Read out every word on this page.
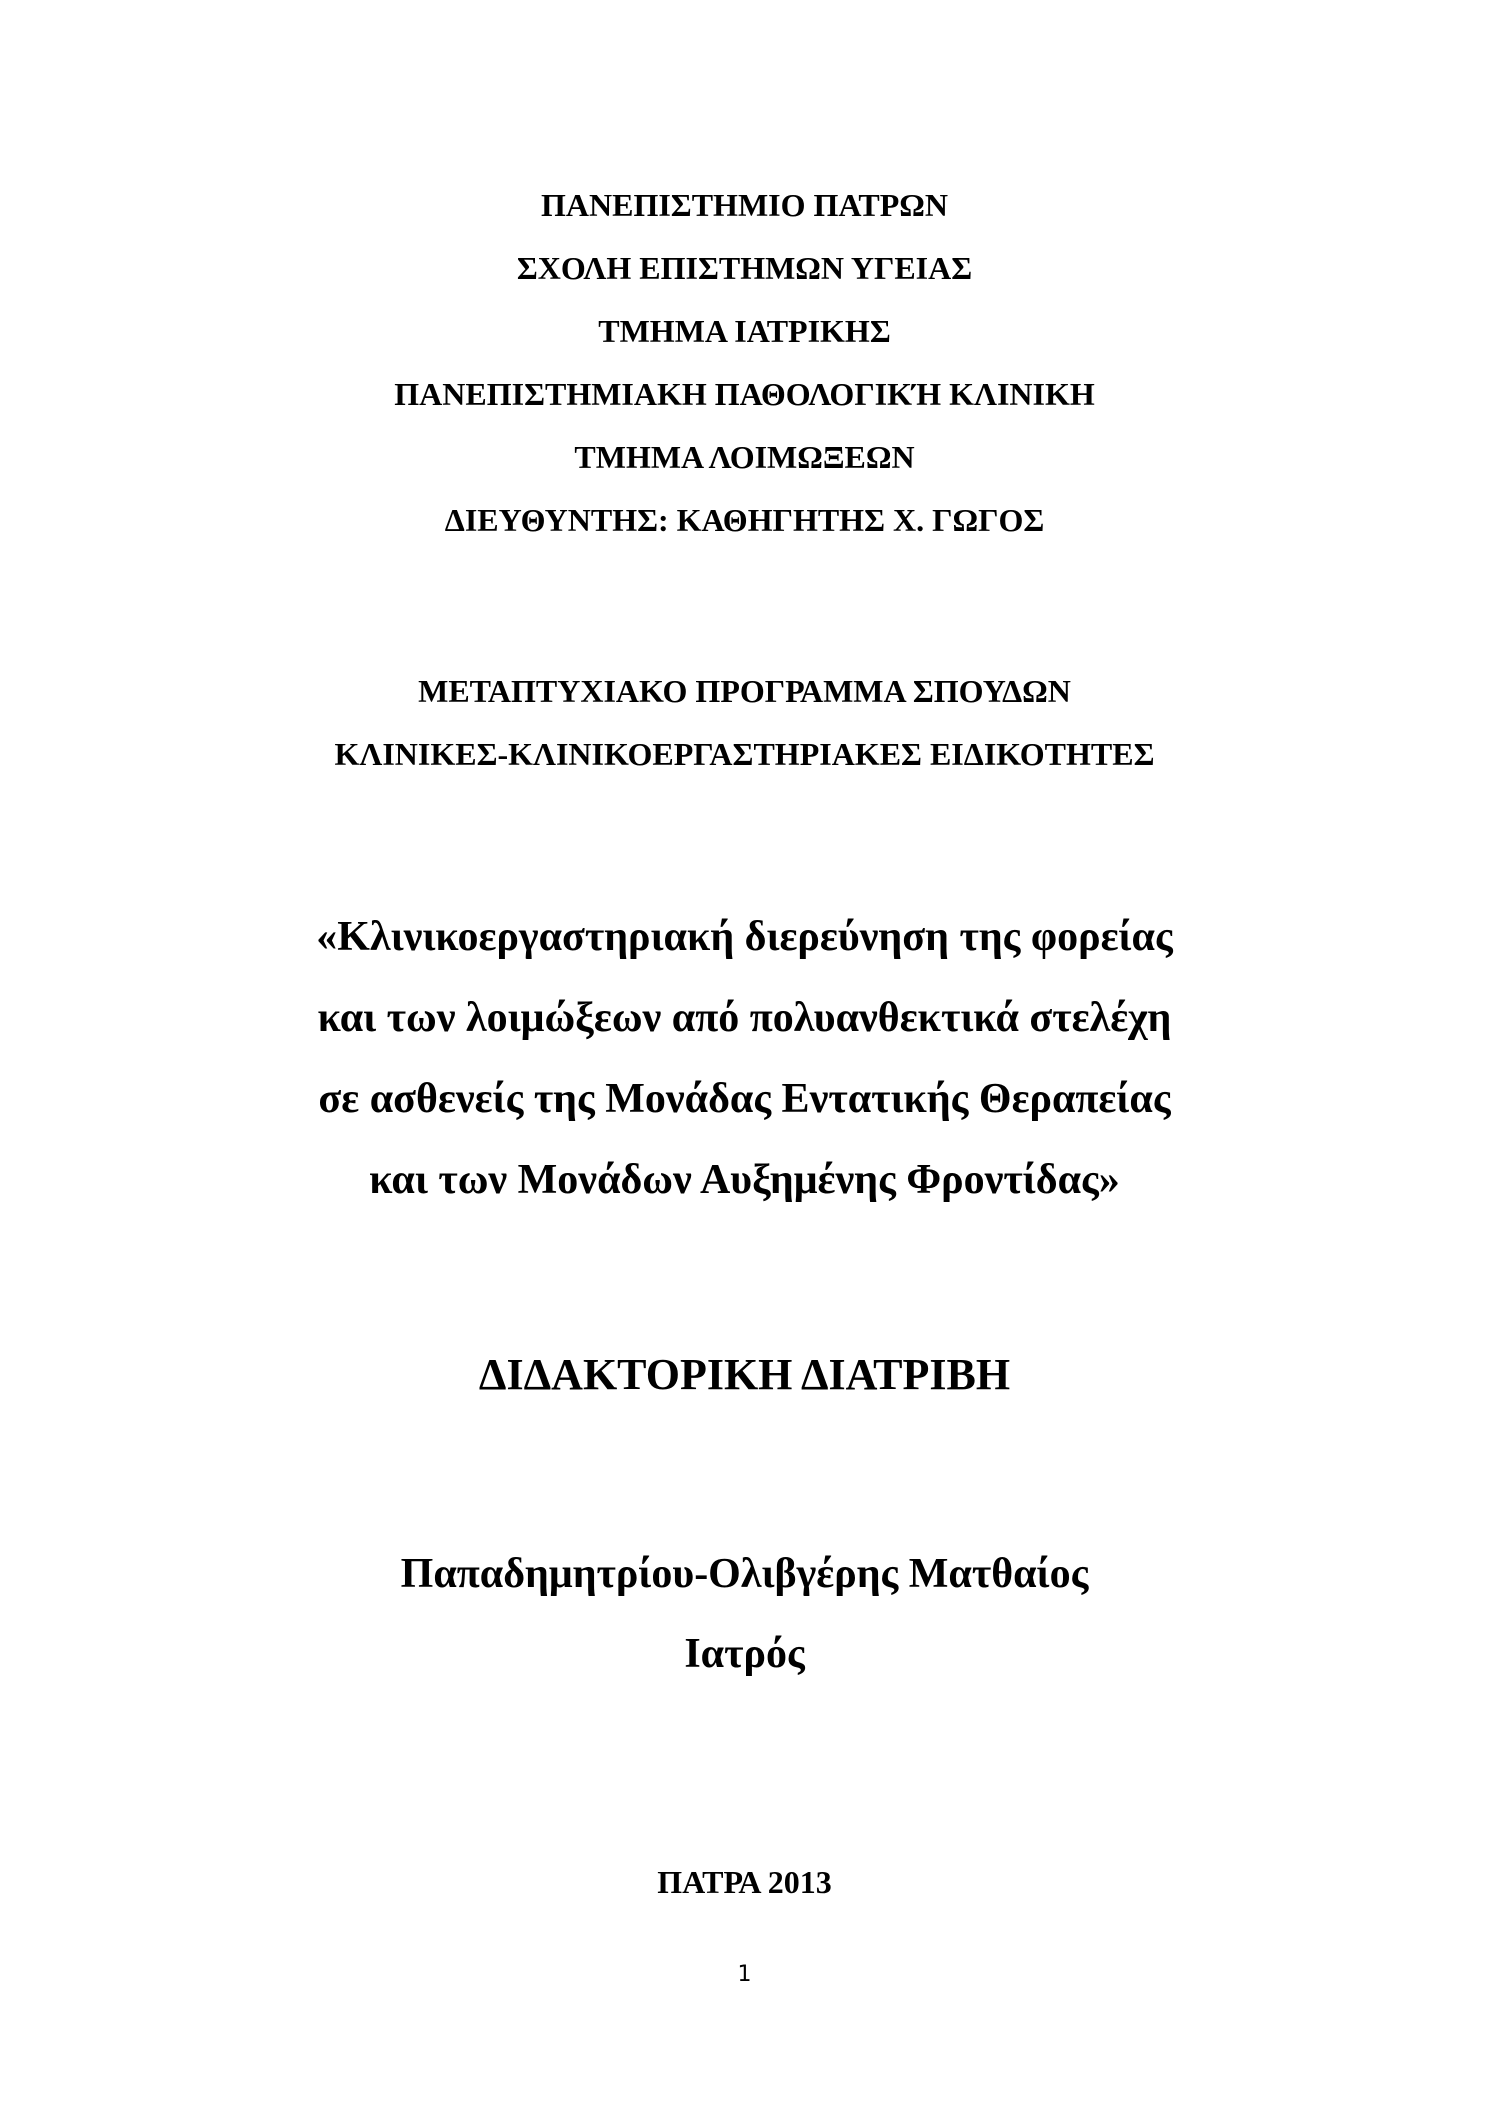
ΠΑΝΕΠΙΣΤΗΜΙΟ ΠΑΤΡΩΝ
ΣΧΟΛΗ ΕΠΙΣΤΗΜΩΝ ΥΓΕΙΑΣ
ΤΜΗΜΑ ΙΑΤΡΙΚΗΣ
ΠΑΝΕΠΙΣΤΗΜΙΑΚΗ ΠΑΘΟΛΟΓΙΚΉ ΚΛΙΝΙΚΗ
ΤΜΗΜΑ ΛΟΙΜΩΞΕΩΝ
ΔΙΕΥΘΥΝΤΗΣ: ΚΑΘΗΓΗΤΗΣ Χ. ΓΩΓΟΣ
ΜΕΤΑΠΤΥΧΙΑΚΟ ΠΡΟΓΡΑΜΜΑ ΣΠΟΥΔΩΝ
ΚΛΙΝΙΚΕΣ-ΚΛΙΝΙΚΟΕΡΓΑΣΤΗΡΙΑΚΕΣ ΕΙΔΙΚΟΤΗΤΕΣ
«Κλινικοεργαστηριακή διερεύνηση της φορείας
και των λοιμώξεων από πολυανθεκτικά στελέχη
σε ασθενείς της Μονάδας Εντατικής Θεραπείας
και των Μονάδων Αυξημένης Φροντίδας»
ΔΙΔΑΚΤΟΡΙΚΗ ΔΙΑΤΡΙΒΗ
Παπαδημητρίου-Ολιβγέρης Ματθαίος
Ιατρός
ΠΑΤΡΑ 2013
1
